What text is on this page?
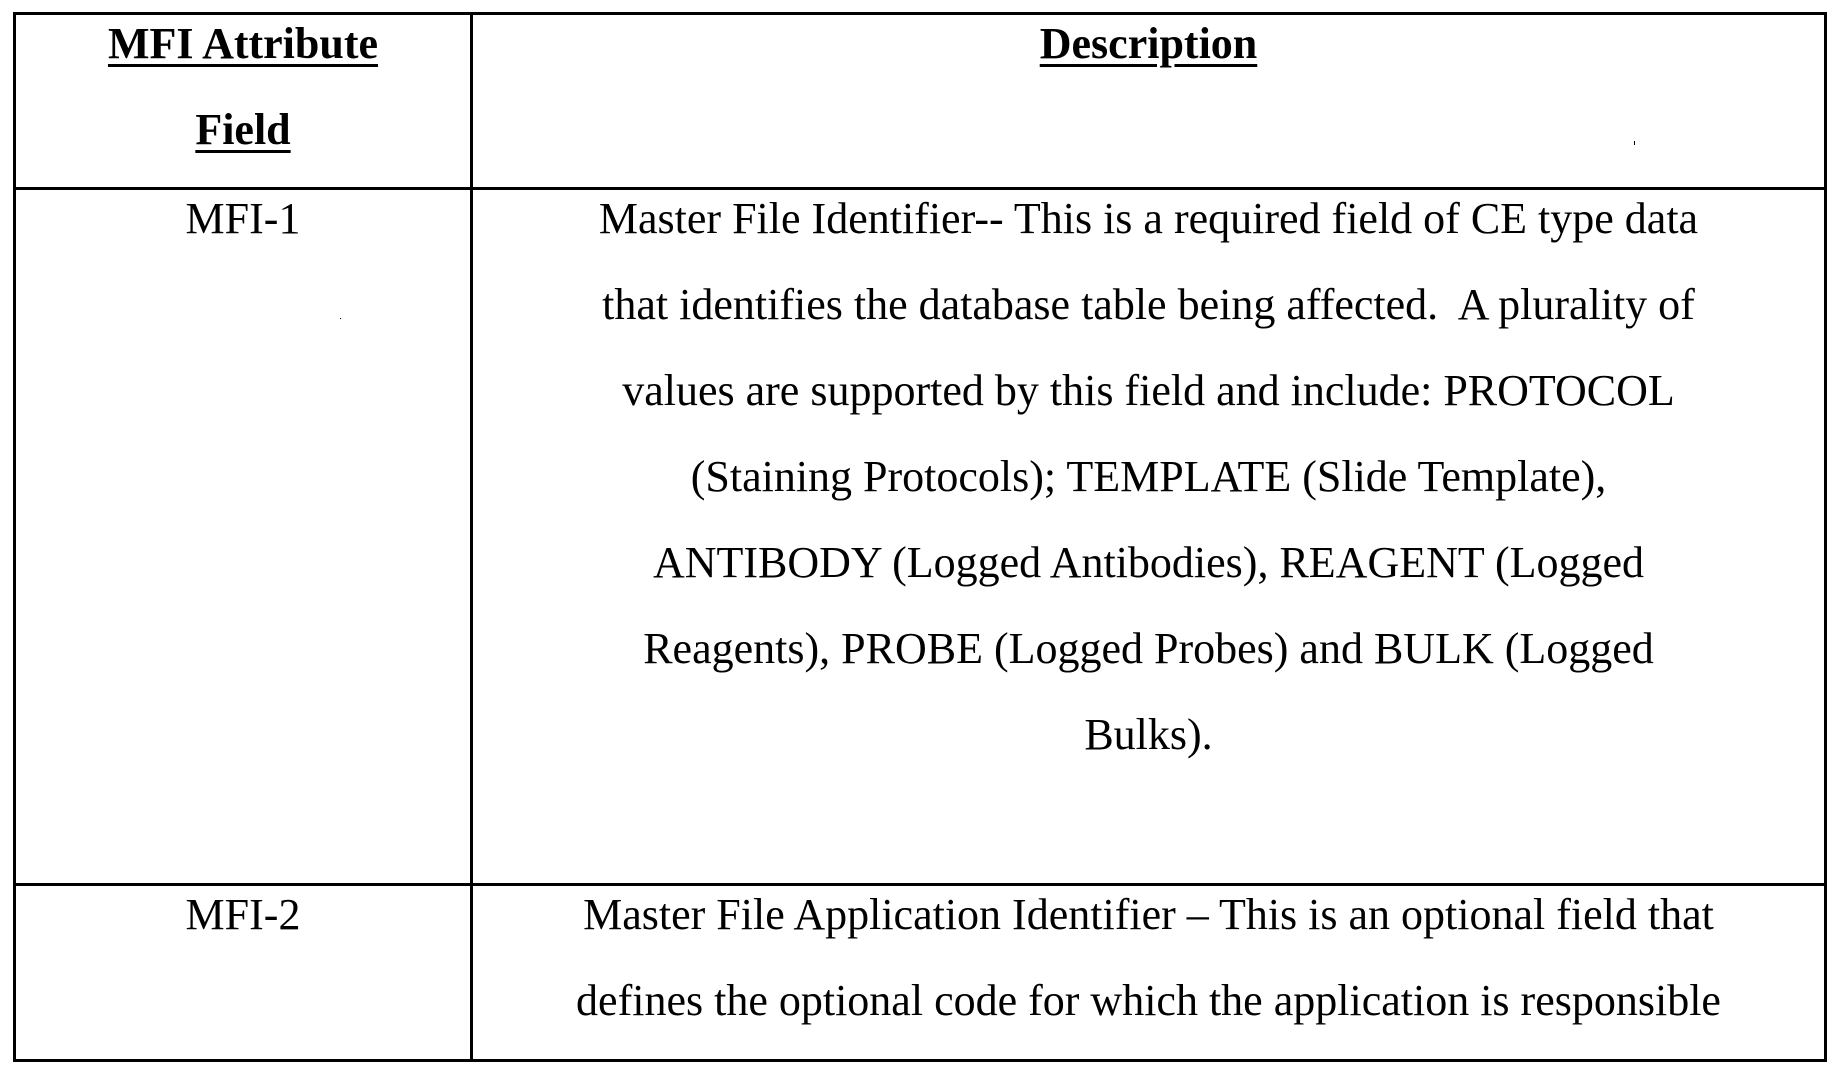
MFI Attribute
Field
Description
MFI-1	Master File Identifier-- This is a required field of CE type data
that identifies the database table being affected.  A plurality of
values are supported by this field and include: PROTOCOL
(Staining Protocols); TEMPLATE (Slide Template),
ANTIBODY (Logged Antibodies), REAGENT (Logged
Reagents), PROBE (Logged Probes) and BULK (Logged
Bulks).
MFI-2	Master File Application Identifier – This is an optional field that
defines the optional code for which the application is responsible
